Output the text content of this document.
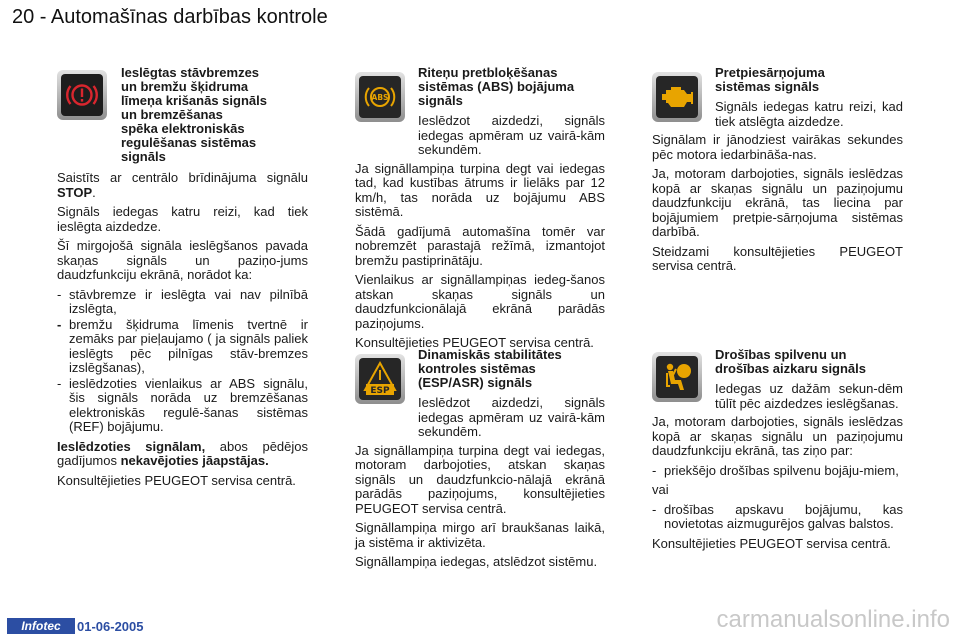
20 - Automašīnas darbības kontrole
Ieslēgtas stāvbremzes
un bremžu šķidruma
līmeņa krišanās signāls
un bremzēšanas
spēka elektroniskās
regulēšanas sistēmas
signāls

Saistīts ar centrālo brīdinājuma signālu STOP.

Signāls iedegas katru reizi, kad tiek ieslēgta aizdedze.

Šī mirgojošā signāla ieslēgšanos pavada skaņas signāls un paziņo-jums daudzfunkciju ekrānā, norādot ka:

- stāvbremze ir ieslēgta vai nav pilnībā izslēgta,
- bremžu šķidruma līmenis tvertnē ir zemāks par pieļaujamo ( ja signāls paliek ieslēgts pēc pilnīgas stāv-bremzes izslēgšanas),
- ieslēdzoties vienlaikus ar ABS signālu, šis signāls norāda uz bremzēšanas elektroniskās regulē-šanas sistēmas (REF) bojājumu.

Ieslēdzoties signālam, abos pēdējos gadījumos nekavējoties jāapstājas.

Konsultējieties PEUGEOT servisa centrā.

ABS
Riteņu pretbloķēšanas
sistēmas (ABS) bojājuma
signāls
Ieslēdzot aizdedzi, signāls iedegas apmēram uz vairā-kām sekundēm.

Ja signāllampiņa turpina degt vai iedegas tad, kad kustības ātrums ir lielāks par 12 km/h, tas norāda uz bojājumu ABS sistēmā.

Šādā gadījumā automašīna tomēr var nobremzēt parastajā režīmā, izmantojot bremžu pastiprinātāju.

Vienlaikus ar signāllampiņas iedeg-šanos atskan skaņas signāls un daudzfunkcionālajā ekrānā parādās paziņojums.

Konsultējieties PEUGEOT servisa centrā.

ESP
Dinamiskās stabilitātes
kontroles sistēmas
(ESP/ASR) signāls
Ieslēdzot aizdedzi, signāls iedegas apmēram uz vairā-kām sekundēm.

Ja signāllampiņa turpina degt vai iedegas, motoram darbojoties, atskan skaņas signāls un daudzfunkcio-nālajā ekrānā parādās paziņojums, konsultējieties PEUGEOT servisa centrā.

Signāllampiņa mirgo arī braukšanas laikā, ja sistēma ir aktivizēta.

Signāllampiņa iedegas, atslēdzot sistēmu.

Pretpiesārņojuma
sistēmas signāls
Signāls iedegas katru reizi, kad tiek atslēgta aizdedze.

Signālam ir jānodziest vairākas sekundes pēc motora iedarbināša-nas.

Ja, motoram darbojoties, signāls ieslēdzas kopā ar skaņas signālu un paziņojumu daudzfunkciju ekrānā, tas liecina par bojājumiem pretpie-sārņojuma sistēmas darbībā.

Steidzami konsultējieties PEUGEOT servisa centrā.

Drošības spilvenu un
drošības aizkaru signāls
Iedegas uz dažām sekun-dēm tūlīt pēc aizdedzes ieslēgšanas.

Ja, motoram darbojoties, signāls ieslēdzas kopā ar skaņas signālu un paziņojumu daudzfunkciju ekrānā, tas ziņo par:

- priekšējo drošības spilvenu bojāju-miem,

vai

- drošības apskavu bojājumu, kas novietotas aizmugurējos galvas balstos.

Konsultējieties PEUGEOT servisa centrā.

Infotec	01-06-2005	carmanualsonline.info
